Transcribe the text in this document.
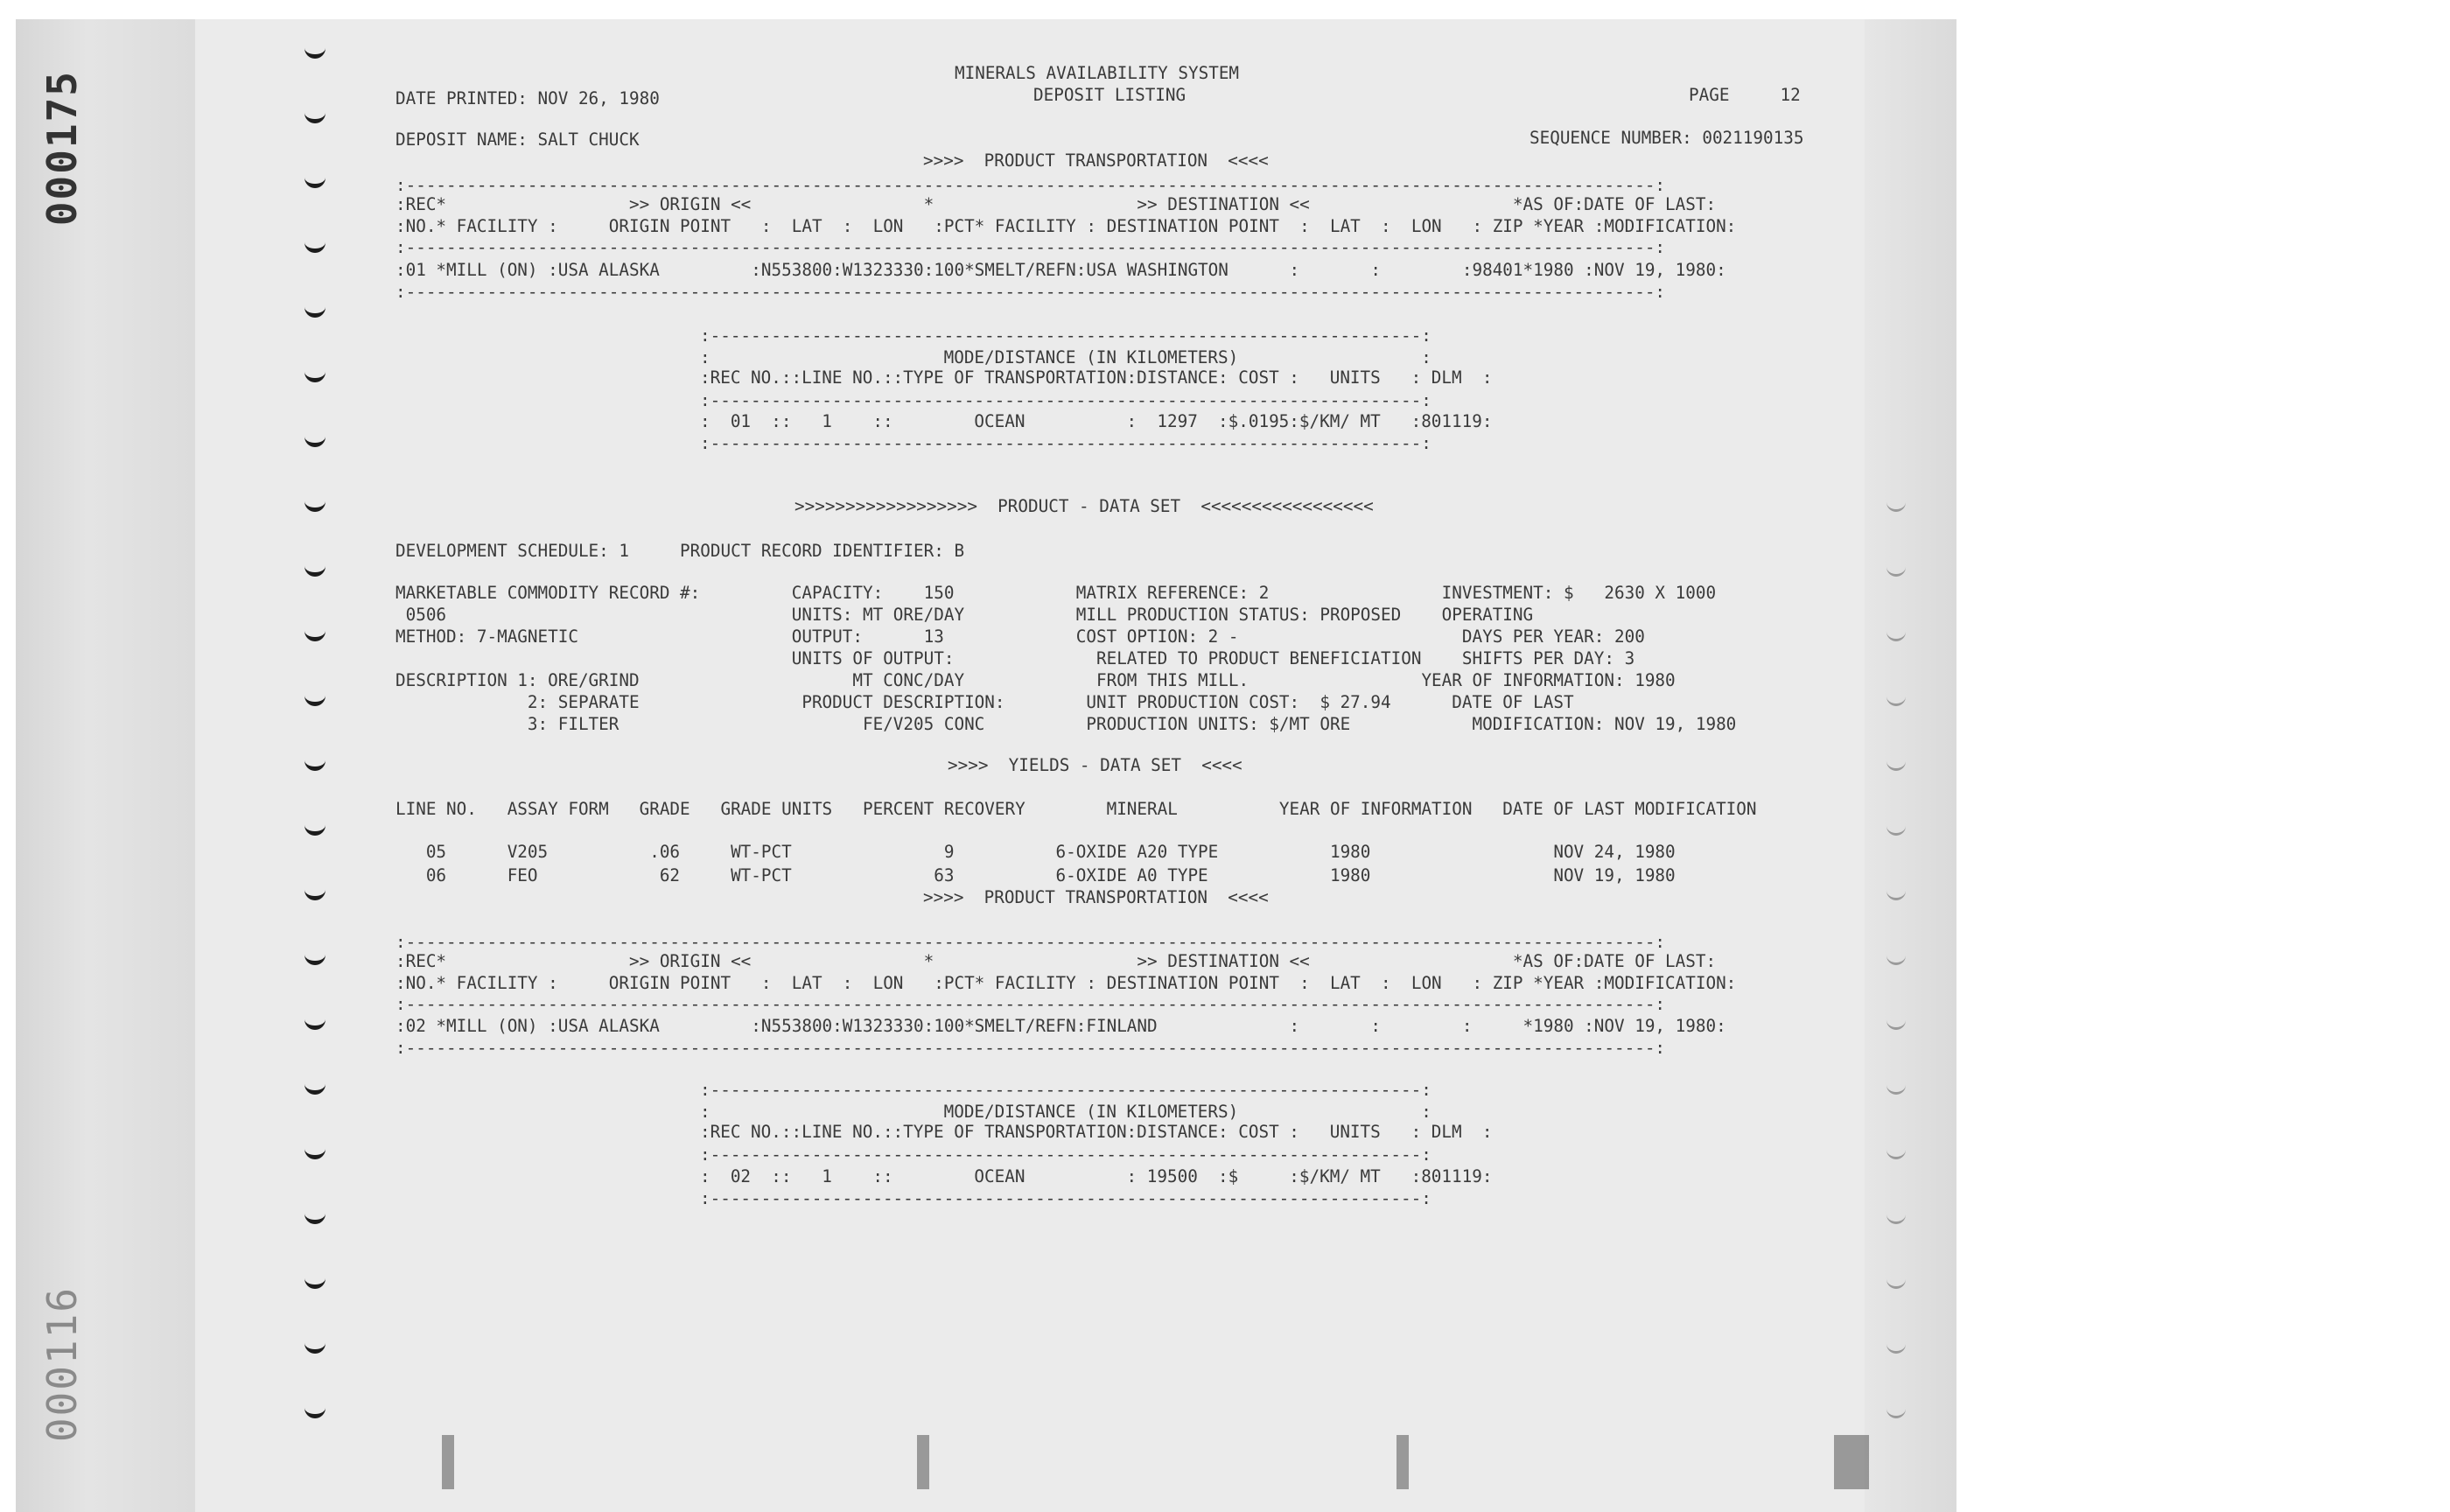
000175
000116
MINERALS AVAILABILITY SYSTEM
DEPOSIT LISTING
DATE PRINTED: NOV 26, 1980	PAGE     12
DEPOSIT NAME: SALT CHUCK	SEQUENCE NUMBER: 0021190135
>>>>  PRODUCT TRANSPORTATION  <<<<
:---------------------------------------------------------------------------------------------------------------------------:
:REC*                  >> ORIGIN <<                 *                    >> DESTINATION <<                    *AS OF:DATE OF LAST:
:NO.* FACILITY :     ORIGIN POINT   :  LAT  :  LON   :PCT* FACILITY : DESTINATION POINT  :  LAT  :  LON   : ZIP *YEAR :MODIFICATION:
:---------------------------------------------------------------------------------------------------------------------------:
:01 *MILL (ON) :USA ALASKA         :N553800:W1323330:100*SMELT/REFN:USA WASHINGTON      :       :        :98401*1980 :NOV 19, 1980:
:---------------------------------------------------------------------------------------------------------------------------:
:----------------------------------------------------------------------:
:                       MODE/DISTANCE (IN KILOMETERS)                  :
:REC NO.::LINE NO.::TYPE OF TRANSPORTATION:DISTANCE: COST :   UNITS   : DLM  :
:----------------------------------------------------------------------:
:  01  ::   1    ::        OCEAN          :  1297  :$.0195:$/KM/ MT   :801119:
:----------------------------------------------------------------------:
>>>>>>>>>>>>>>>>>>  PRODUCT - DATA SET  <<<<<<<<<<<<<<<<<
DEVELOPMENT SCHEDULE: 1     PRODUCT RECORD IDENTIFIER: B
MARKETABLE COMMODITY RECORD #:         CAPACITY:    150            MATRIX REFERENCE: 2                 INVESTMENT: $   2630 X 1000
0506                                  UNITS: MT ORE/DAY           MILL PRODUCTION STATUS: PROPOSED    OPERATING
METHOD: 7-MAGNETIC                     OUTPUT:      13             COST OPTION: 2 -                      DAYS PER YEAR: 200
UNITS OF OUTPUT:              RELATED TO PRODUCT BENEFICIATION    SHIFTS PER DAY: 3
DESCRIPTION 1: ORE/GRIND                     MT CONC/DAY             FROM THIS MILL.                 YEAR OF INFORMATION: 1980
2: SEPARATE                PRODUCT DESCRIPTION:        UNIT PRODUCTION COST:  $ 27.94      DATE OF LAST
3: FILTER                        FE/V205 CONC          PRODUCTION UNITS: $/MT ORE            MODIFICATION: NOV 19, 1980
>>>>  YIELDS - DATA SET  <<<<
LINE NO.   ASSAY FORM   GRADE   GRADE UNITS   PERCENT RECOVERY        MINERAL          YEAR OF INFORMATION   DATE OF LAST MODIFICATION
05      V205          .06     WT-PCT               9          6-OXIDE A20 TYPE           1980                  NOV 24, 1980
06      FEO            62     WT-PCT              63          6-OXIDE A0 TYPE            1980                  NOV 19, 1980
>>>>  PRODUCT TRANSPORTATION  <<<<
:---------------------------------------------------------------------------------------------------------------------------:
:REC*                  >> ORIGIN <<                 *                    >> DESTINATION <<                    *AS OF:DATE OF LAST:
:NO.* FACILITY :     ORIGIN POINT   :  LAT  :  LON   :PCT* FACILITY : DESTINATION POINT  :  LAT  :  LON   : ZIP *YEAR :MODIFICATION:
:---------------------------------------------------------------------------------------------------------------------------:
:02 *MILL (ON) :USA ALASKA         :N553800:W1323330:100*SMELT/REFN:FINLAND             :       :        :     *1980 :NOV 19, 1980:
:---------------------------------------------------------------------------------------------------------------------------:
:----------------------------------------------------------------------:
:                       MODE/DISTANCE (IN KILOMETERS)                  :
:REC NO.::LINE NO.::TYPE OF TRANSPORTATION:DISTANCE: COST :   UNITS   : DLM  :
:----------------------------------------------------------------------:
:  02  ::   1    ::        OCEAN          : 19500  :$     :$/KM/ MT   :801119:
:----------------------------------------------------------------------:
